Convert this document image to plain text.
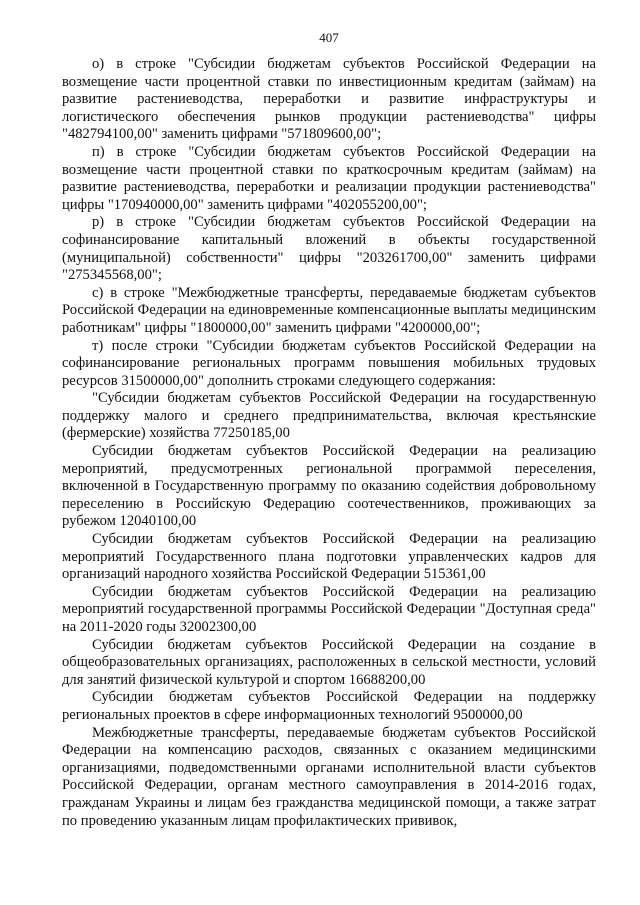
407

о) в строке "Субсидии бюджетам субъектов Российской Федерации на возмещение части процентной ставки по инвестиционным кредитам (займам) на развитие растениеводства, переработки и развитие инфраструктуры и логистического обеспечения рынков продукции растениеводства" цифры "482794100,00" заменить цифрами "571809600,00";

п) в строке "Субсидии бюджетам субъектов Российской Федерации на возмещение части процентной ставки по краткосрочным кредитам (займам) на развитие растениеводства, переработки и реализации продукции растениеводства" цифры "170940000,00" заменить цифрами "402055200,00";

р) в строке "Субсидии бюджетам субъектов Российской Федерации на софинансирование капитальный вложений в объекты государственной (муниципальной) собственности" цифры "203261700,00" заменить цифрами "275345568,00";

с) в строке "Межбюджетные трансферты, передаваемые бюджетам субъектов Российской Федерации на единовременные компенсационные выплаты медицинским работникам" цифры "1800000,00" заменить цифрами "4200000,00";

т) после строки "Субсидии бюджетам субъектов Российской Федерации на софинансирование региональных программ повышения мобильных трудовых ресурсов 31500000,00" дополнить строками следующего содержания:

"Субсидии бюджетам субъектов Российской Федерации на государственную поддержку малого и среднего предпринимательства, включая крестьянские (фермерские) хозяйства 77250185,00

Субсидии бюджетам субъектов Российской Федерации на реализацию мероприятий, предусмотренных региональной программой переселения, включенной в Государственную программу по оказанию содействия добровольному переселению в Российскую Федерацию соотечественников, проживающих за рубежом 12040100,00

Субсидии бюджетам субъектов Российской Федерации на реализацию мероприятий Государственного плана подготовки управленческих кадров для организаций народного хозяйства Российской Федерации 515361,00

Субсидии бюджетам субъектов Российской Федерации на реализацию мероприятий государственной программы Российской Федерации "Доступная среда" на 2011-2020 годы 32002300,00

Субсидии бюджетам субъектов Российской Федерации на создание в общеобразовательных организациях, расположенных в сельской местности, условий для занятий физической культурой и спортом 16688200,00

Субсидии бюджетам субъектов Российской Федерации на поддержку региональных проектов в сфере информационных технологий 9500000,00

Межбюджетные трансферты, передаваемые бюджетам субъектов Российской Федерации на компенсацию расходов, связанных с оказанием медицинскими организациями, подведомственными органами исполнительной власти субъектов Российской Федерации, органам местного самоуправления в 2014-2016 годах, гражданам Украины и лицам без гражданства медицинской помощи, а также затрат по проведению указанным лицам профилактических прививок,
